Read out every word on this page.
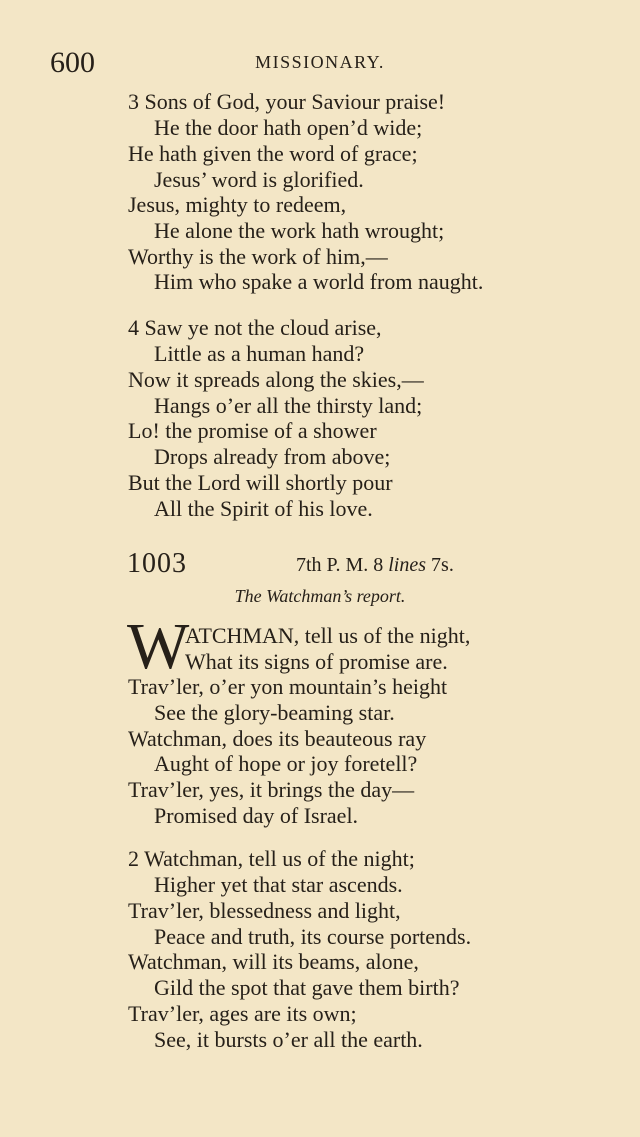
600	MISSIONARY.
3 Sons of God, your Saviour praise!
He the door hath open’d wide;
He hath given the word of grace;
Jesus’ word is glorified.
Jesus, mighty to redeem,
He alone the work hath wrought;
Worthy is the work of him,—
Him who spake a world from naught.
4 Saw ye not the cloud arise,
Little as a human hand?
Now it spreads along the skies,—
Hangs o’er all the thirsty land;
Lo! the promise of a shower
Drops already from above;
But the Lord will shortly pour
All the Spirit of his love.
1003	7th P. M. 8 lines 7s.
The Watchman’s report.
W
ATCHMAN, tell us of the night,
What its signs of promise are.
Trav’ler, o’er yon mountain’s height
See the glory-beaming star.
Watchman, does its beauteous ray
Aught of hope or joy foretell?
Trav’ler, yes, it brings the day—
Promised day of Israel.
2 Watchman, tell us of the night;
Higher yet that star ascends.
Trav’ler, blessedness and light,
Peace and truth, its course portends.
Watchman, will its beams, alone,
Gild the spot that gave them birth?
Trav’ler, ages are its own;
See, it bursts o’er all the earth.
